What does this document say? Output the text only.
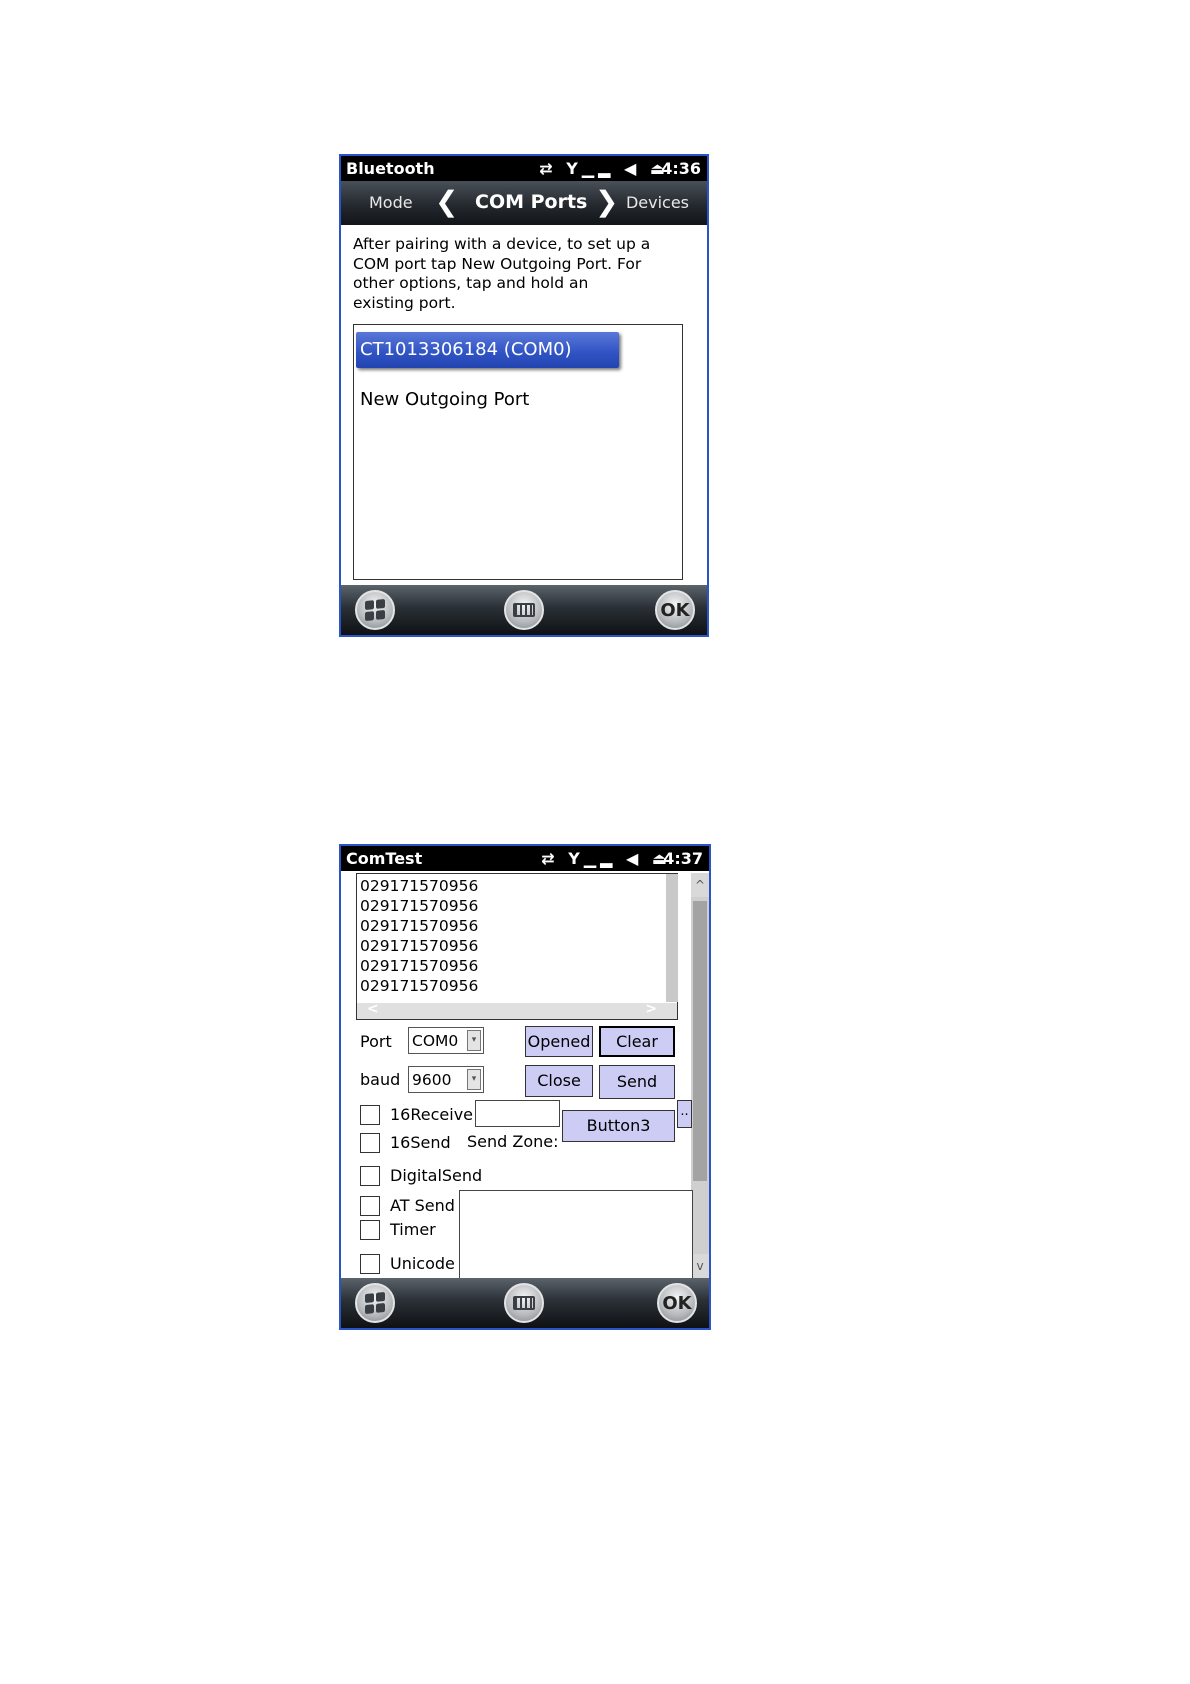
Bluetooth	⇄ Y▁▂ ◀ ⏏
4:36
Mode ❮ COM Ports ❯ Devices
After pairing with a device, to set up a COM port tap New Outgoing Port. For other options, tap and hold an existing port.
CT1013306184 (COM0)
New Outgoing Port
OK
ComTest	⇄ Y▁▂ ◀ ⏏
4:37
029171570956
029171570956
029171570956
029171570956
029171570956
029171570956
<	>
^
v
Port COM0	▾	Opened	Clear
baud 9600	▾	Close	Send
16Receive
Button3
..
16Send Send Zone:
DigitalSend
AT Send
Timer
Unicode
OK
